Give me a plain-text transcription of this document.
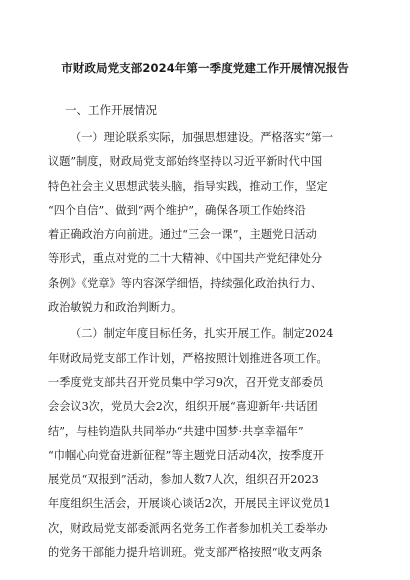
市财政局党支部2024年第一季度党建工作开展情况报告
一、工作开展情况
（一）理论联系实际，加强思想建设。严格落实“第一
议题”制度，财政局党支部始终坚持以习近平新时代中国
特色社会主义思想武装头脑，指导实践，推动工作，坚定
“四个自信”、做到“两个维护”，确保各项工作始终沿
着正确政治方向前进。通过“三会一课”，主题党日活动
等形式，重点对党的二十大精神、《中国共产党纪律处分
条例》《党章》等内容深学细悟，持续强化政治执行力、
政治敏锐力和政治判断力。
（二）制定年度目标任务，扎实开展工作。制定2024
年财政局党支部工作计划，严格按照计划推进各项工作。
一季度党支部共召开党员集中学习9次，召开党支部委员
会会议3次，党员大会2次，组织开展“喜迎新年·共话团
结”，与桂钧造队共同举办“共建中国梦·共享幸福年”
“巾帼心向党奋进新征程”等主题党日活动4次，按季度开
展党员“双报到”活动，参加人数7人次，组织召开2023
年度组织生活会，开展谈心谈话2次，开展民主评议党员1
次，财政局党支部委派两名党务工作者参加机关工委举办
的党务干部能力提升培训班。党支部严格按照“收支两条
